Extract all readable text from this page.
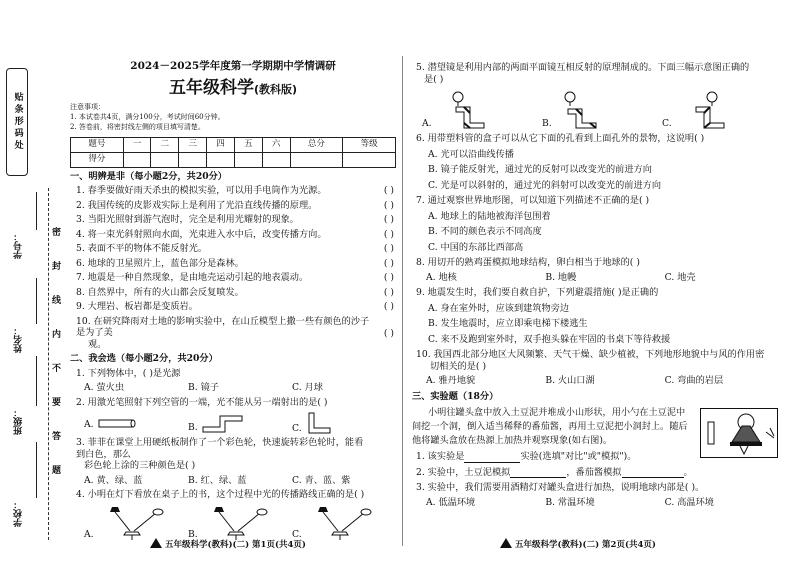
贴条形码处
学号：
姓名：
班级：
学校：
密
封
线
内
不
要
答
题
2024－2025学年度第一学期期中学情调研
五年级科学(教科版)
注意事项：
1. 本试卷共4页，满分100分，考试时间60分钟。
2. 答卷前，将密封线左侧的项目填写清楚。
题号	一	二	三	四	五	六	总分	等级
得分								
一、明辨是非（每小题2分，共20分）
1. 春季要做好雨天杀虫的模拟实验，可以用手电筒作为光源。	( )
2. 我国传统的皮影戏实际上是利用了光沿直线传播的原理。	( )
3. 当阳光照射到游气泡时，完全是利用光耀射的现象。	( )
4. 将一束光斜射照向水面，光束进入水中后，改变传播方向。	( )
5. 表面不平的物体不能反射光。	( )
6. 地球的卫星照片上，蓝色部分是森林。	( )
7. 地震是一种自然现象，是由地壳运动引起的地表震动。	( )
8. 自然界中，所有的火山都会反复喷发。	( )
9. 大理岩、板岩都是变质岩。	( )
10. 在研究降雨对土地的影响实验中，在山丘模型上撒一些有颜色的沙子是为了美
观。
( )
二、我会选（每小题2分，共20分）
1. 下列物体中，( )是光源
A. 萤火虫	B. 镜子	C. 月球
2. 用激光笔照射下列空管的一端，光不能从另一端射出的是( )
A.	B.	C.
3. 菲菲在课堂上用硬纸板制作了一个彩色轮，快速旋转彩色轮时，能看到白色，那么
彩色轮上涂的三种颜色是( )
A. 黄、绿、蓝	B. 红、绿、蓝	C. 青、蓝、紫
4. 小明在灯下看放在桌子上的书，这个过程中光的传播路线正确的是( )
A.	B.	C.
五年级科学(教科)(二) 第1页(共4页)
5. 潜望镜是利用内部的两面平面镜互相反射的原理制成的。下面三幅示意图正确的
是( )
A.	B.	C.
6. 用带塑料管的盒子可以从它下面的孔看到上面孔外的景物，这说明( )
A. 光可以沿曲线传播
B. 镜子能反射光，通过光的反射可以改变光的前进方向
C. 光是可以斜射的，通过光的斜射可以改变光的前进方向
7. 通过观察世界地形图，可以知道下列描述不正确的是( )
A. 地球上的陆地被海洋包围着
B. 不同的颜色表示不同高度
C. 中国的东部比西部高
8. 用切开的熟鸡蛋模拟地球结构，卵白相当于地球的( )
A. 地核	B. 地幔	C. 地壳
9. 地震发生时，我们要自救自护，下列避震措施( )是正确的
A. 身在室外时，应该到建筑物旁边
B. 发生地震时，应立即乘电梯下楼逃生
C. 来不及跑到室外时，双手抱头躲在牢固的书桌下等待救援
10. 我国西北部分地区大风频繁、天气干燥、缺少植被，下列地形地貌中与风的作用密
切相关的是( )
A. 雅丹地貌	B. 火山口湖	C. 弯曲的岩层
三、实验题（18分）
小明往罐头盒中放入土豆泥并堆成小山形状，用小勺在土豆泥中间挖一个洞，倒入适当稀释的番茄酱，再用土豆泥把小洞封上。随后他将罐头盒放在热源上加热并观察现象(如右图)。
1. 该实验是	实验(选填"对比"或"模拟")。
2. 实验中，土豆泥模拟	，番茄酱模拟	。
3. 实验中，我们需要用酒精灯对罐头盒进行加热，说明地球内部是( )。
A. 低温环境	B. 常温环境	C. 高温环境
五年级科学(教科)(二) 第2页(共4页)
